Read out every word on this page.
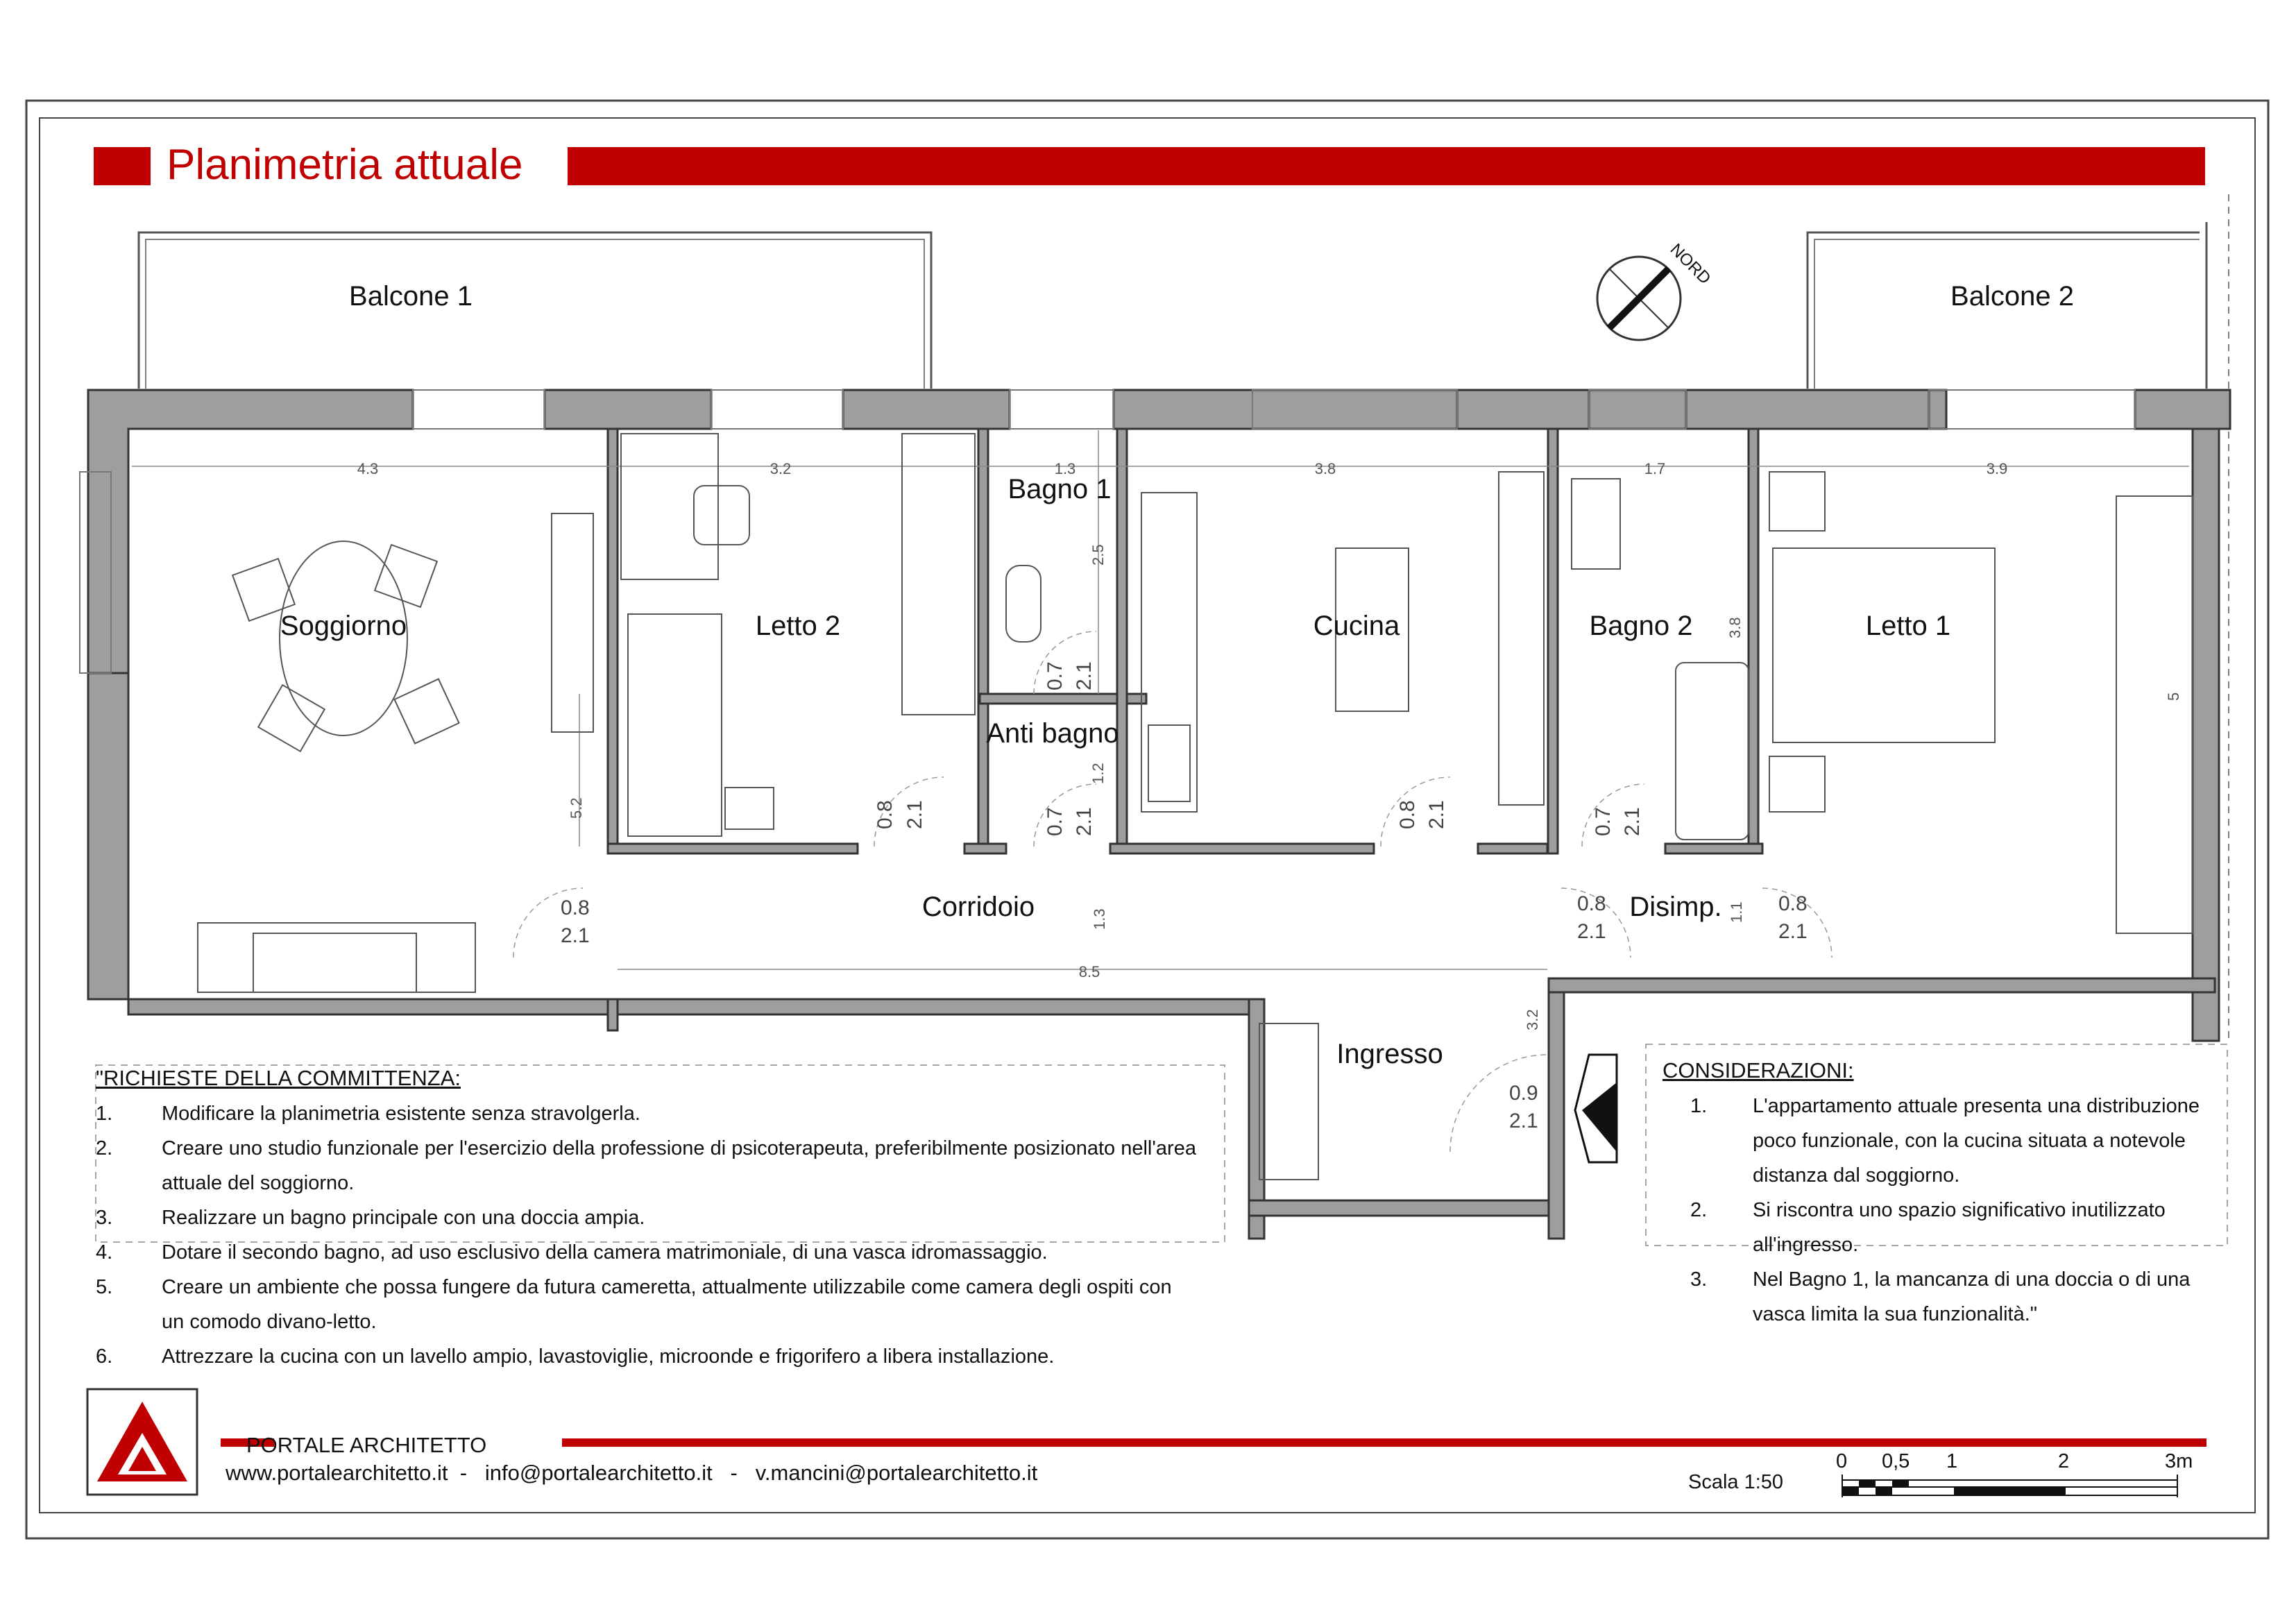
Planimetria attuale
NORD
Balcone 1	Balcone 2
Soggiorno	Letto 2
Bagno 1
Anti bagno
Cucina	Bagno 2	Letto 1
Corridoio	Disimp.
Ingresso
4.3	3.2	1.3	3.8	1.7	3.9
8.5
2.5
1.2
5.2
1.3
3.8
5
1.1
3.2
0.7 2.1
0.7 2.1
0.8 2.1
0.8
2.1
0.8 2.1	0.7 2.1
0.8
2.1
0.8
2.1
0.9
2.1
"RICHIESTE DELLA COMMITTENZA:
1.	Modificare la planimetria esistente senza stravolgerla.
2.	Creare uno studio funzionale per l'esercizio della professione di psicoterapeuta, preferibilmente posizionato nell'area attuale del soggiorno.
3.	Realizzare un bagno principale con una doccia ampia.
4.	Dotare il secondo bagno, ad uso esclusivo della camera matrimoniale, di una vasca idromassaggio.
5.	Creare un ambiente che possa fungere da futura cameretta, attualmente utilizzabile come camera degli ospiti con un comodo divano-letto.
6.	Attrezzare la cucina con un lavello ampio, lavastoviglie, microonde e frigorifero a libera installazione.
CONSIDERAZIONI:
1.	L'appartamento attuale presenta una distribuzione poco funzionale, con la cucina situata a notevole distanza dal soggiorno.
2.	Si riscontra uno spazio significativo inutilizzato all'ingresso.
3.	Nel Bagno 1, la mancanza di una doccia o di una vasca limita la sua funzionalità."
PORTALE ARCHITETTO
www.portalearchitetto.it  -   info@portalearchitetto.it   -   v.mancini@portalearchitetto.it	Scala 1:50
0 0,5 1	2	3m
